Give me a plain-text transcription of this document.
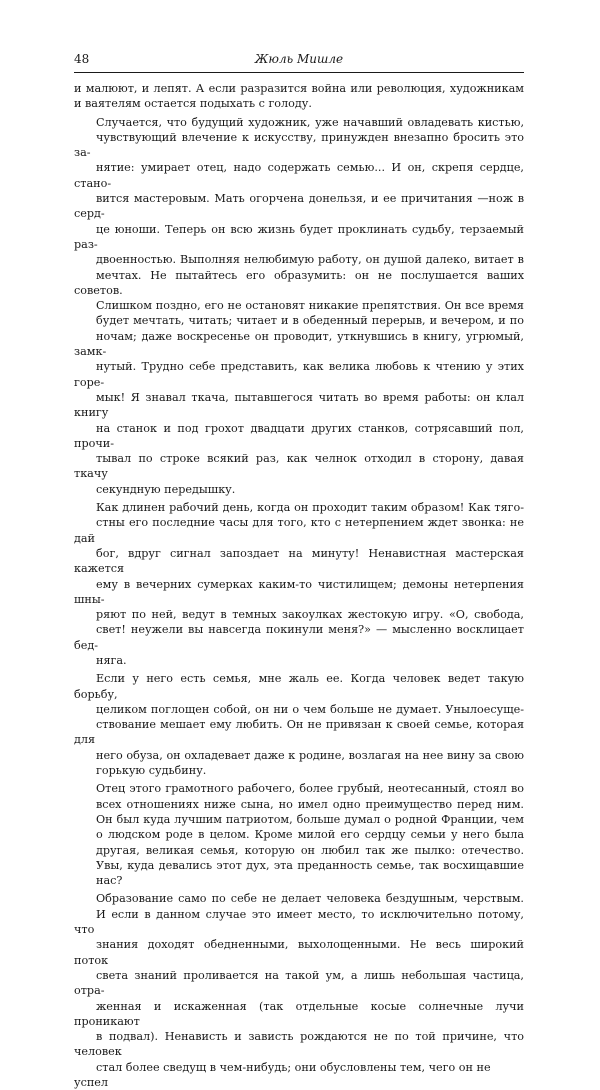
48	Жюль Мишле

и малюют, и лепят. А если разразится война или революция, художникам
и ваятелям остается подыхать с голоду.

Случается, что будущий художник, уже начавший овладевать кистью,
чувствующий влечение к искусству, принужден внезапно бросить это за-
нятие: умирает отец, надо содержать семью... И он, скрепя сердце, стано-
вится мастеровым. Мать огорчена донельзя, и ее причитания —нож в серд-
це юноши. Теперь он всю жизнь будет проклинать судьбу, терзаемый раз-
двоенностью. Выполняя нелюбимую работу, он душой далеко, витает в
мечтах. Не пытайтесь его образумить: он не послушается ваших советов.
Слишком поздно, его не остановят никакие препятствия. Он все время
будет мечтать, читать; читает и в обеденный перерыв, и вечером, и по
ночам; даже воскресенье он проводит, уткнувшись в книгу, угрюмый, замк-
нутый. Трудно себе представить, как велика любовь к чтению у этих горе-
мык! Я знавал ткача, пытавшегося читать во время работы: он клал книгу
на станок и под грохот двадцати других станков, сотрясавший пол, прочи-
тывал по строке всякий раз, как челнок отходил в сторону, давая ткачу
секундную передышку.

Как длинен рабочий день, когда он проходит таким образом! Как тяго-
стны его последние часы для того, кто с нетерпением ждет звонка: не дай
бог, вдруг сигнал запоздает на минуту! Ненавистная мастерская кажется
ему в вечерних сумерках каким-то чистилищем; демоны нетерпения шны-
ряют по ней, ведут в темных закоулках жестокую игру. «О, свобода,
свет! неужели вы навсегда покинули меня?» — мысленно восклицает бед-
няга.

Если у него есть семья, мне жаль ее. Когда человек ведет такую борьбу,
целиком поглощен собой, он ни о чем больше не думает. Унылоесуще-
ствование мешает ему любить. Он не привязан к своей семье, которая для
него обуза, он охладевает даже к родине, возлагая на нее вину за свою
горькую судьбину.

Отец этого грамотного рабочего, более грубый, неотесанный, стоял во
всех отношениях ниже сына, но имел одно преимущество перед ним.
Он был куда лучшим патриотом, больше думал о родной Франции, чем
о людском роде в целом. Кроме милой его сердцу семьи у него была
другая, великая семья, которую он любил так же пылко: отечество.
Увы, куда девались этот дух, эта преданность семье, так восхищавшие
нас?

Образование само по себе не делает человека бездушным, черствым.
И если в данном случае это имеет место, то исключительно потому, что
знания доходят обедненными, выхолощенными. Не весь широкий поток
света знаний проливается на такой ум, а лишь небольшая частица, отра-
женная и искаженная (так отдельные косые солнечные лучи проникают
в подвал). Ненависть и зависть рождаются не по той причине, что человек
стал более сведущ в чем-нибудь; они обусловлены тем, чего он не успел
